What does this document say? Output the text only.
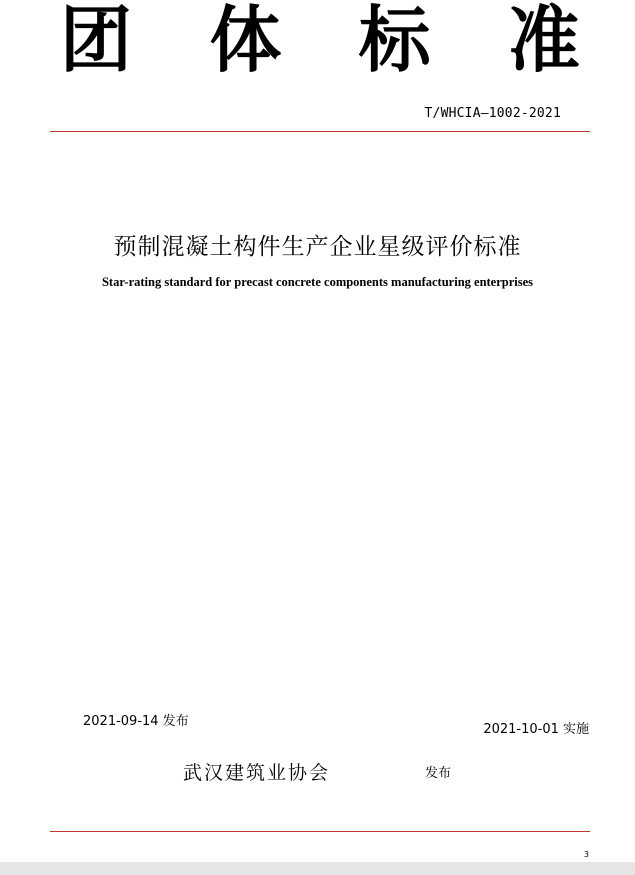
团 体 标 准
T/WHCIA—1002-2021
预制混凝土构件生产企业星级评价标准
Star-rating standard for precast concrete components manufacturing enterprises
2021-09-14 发布
2021-10-01 实施
武汉建筑业协会	发布
3
